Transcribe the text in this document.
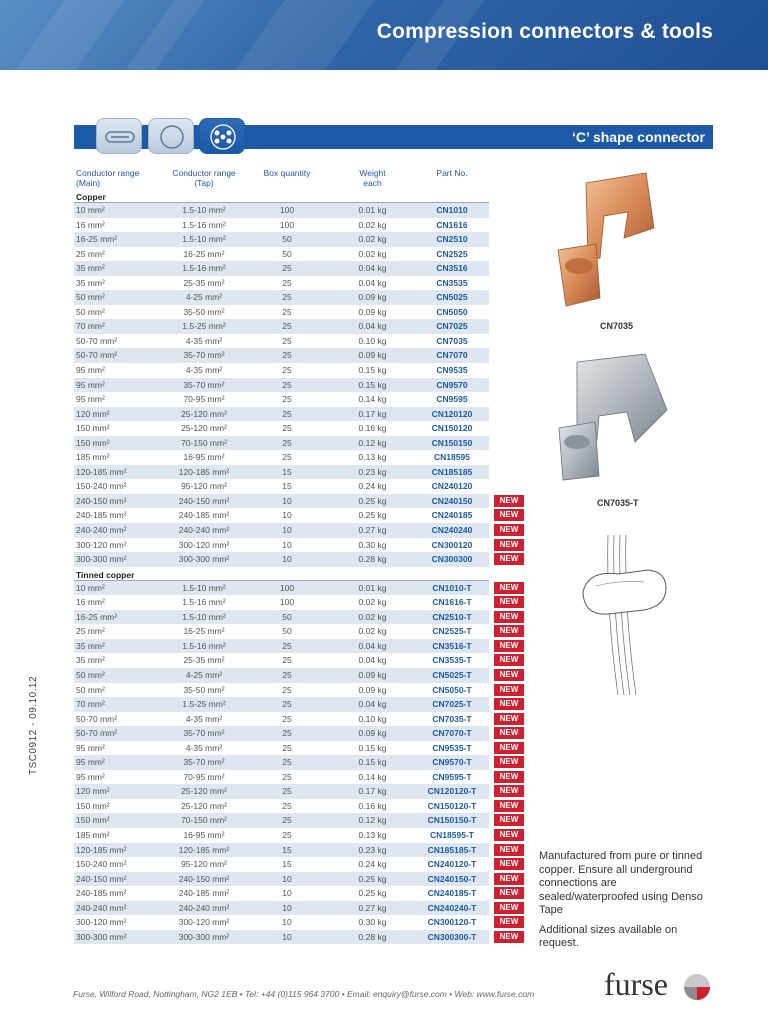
Compression connectors & tools
‘C’ shape connector
Conductor range (Main)
Conductor range (Tap)
Box quantity	Weight each
Part No.
Copper
10 mm²	1.5-10 mm²	100	0.01 kg	CN1010
16 mm²	1.5-16 mm²	100	0.02 kg	CN1616
16-25 mm²	1.5-10 mm²	50	0.02 kg	CN2510
25 mm²	16-25 mm²	50	0.02 kg	CN2525
35 mm²	1.5-16 mm²	25	0.04 kg	CN3516
35 mm²	25-35 mm²	25	0.04 kg	CN3535
50 mm²	4-25 mm²	25	0.09 kg	CN5025
50 mm²	35-50 mm²	25	0.09 kg	CN5050
70 mm²	1.5-25 mm²	25	0.04 kg	CN7025
50-70 mm²	4-35 mm²	25	0.10 kg	CN7035
50-70 mm²	35-70 mm²	25	0.09 kg	CN7070
95 mm²	4-35 mm²	25	0.15 kg	CN9535
95 mm²	35-70 mm²	25	0.15 kg	CN9570
95 mm²	70-95 mm²	25	0.14 kg	CN9595
120 mm²	25-120 mm²	25	0.17 kg	CN120120
150 mm²	25-120 mm²	25	0.16 kg	CN150120
150 mm²	70-150 mm²	25	0.12 kg	CN150150
185 mm²	16-95 mm²	25	0.13 kg	CN18595
120-185 mm²	120-185 mm²	15	0.23 kg	CN185185
150-240 mm²	95-120 mm²	15	0.24 kg	CN240120
240-150 mm²	240-150 mm²	10	0.25 kg	CN240150	NEW
240-185 mm²	240-185 mm²	10	0.25 kg	CN240185	NEW
240-240 mm²	240-240 mm²	10	0.27 kg	CN240240	NEW
300-120 mm²	300-120 mm²	10	0.30 kg	CN300120	NEW
300-300 mm²	300-300 mm²	10	0.28 kg	CN300300	NEW
Tinned copper
10 mm²	1.5-10 mm²	100	0.01 kg	CN1010-T	NEW
16 mm²	1.5-16 mm²	100	0.02 kg	CN1616-T	NEW
16-25 mm²	1.5-10 mm²	50	0.02 kg	CN2510-T	NEW
25 mm²	16-25 mm²	50	0.02 kg	CN2525-T	NEW
35 mm²	1.5-16 mm²	25	0.04 kg	CN3516-T	NEW
35 mm²	25-35 mm²	25	0.04 kg	CN3535-T	NEW
50 mm²	4-25 mm²	25	0.09 kg	CN5025-T	NEW
50 mm²	35-50 mm²	25	0.09 kg	CN5050-T	NEW
70 mm²	1.5-25 mm²	25	0.04 kg	CN7025-T	NEW
50-70 mm²	4-35 mm²	25	0.10 kg	CN7035-T	NEW
50-70 mm²	35-70 mm²	25	0.09 kg	CN7070-T	NEW
95 mm²	4-35 mm²	25	0.15 kg	CN9535-T	NEW
95 mm²	35-70 mm²	25	0.15 kg	CN9570-T	NEW
95 mm²	70-95 mm²	25	0.14 kg	CN9595-T	NEW
120 mm²	25-120 mm²	25	0.17 kg	CN120120-T	NEW
150 mm²	25-120 mm²	25	0.16 kg	CN150120-T	NEW
150 mm²	70-150 mm²	25	0.12 kg	CN150150-T	NEW
185 mm²	16-95 mm²	25	0.13 kg	CN18595-T	NEW
120-185 mm²	120-185 mm²	15	0.23 kg	CN185185-T	NEW
150-240 mm²	95-120 mm²	15	0.24 kg	CN240120-T	NEW
240-150 mm²	240-150 mm²	10	0.25 kg	CN240150-T	NEW
240-185 mm²	240-185 mm²	10	0.25 kg	CN240185-T	NEW
240-240 mm²	240-240 mm²	10	0.27 kg	CN240240-T	NEW
300-120 mm²	300-120 mm²	10	0.30 kg	CN300120-T	NEW
300-300 mm²	300-300 mm²	10	0.28 kg	CN300300-T	NEW
CN7035
CN7035-T

Manufactured from pure or tinned copper. Ensure all underground connections are sealed/waterproofed using Denso Tape

Additional sizes available on request.

TSC0912 - 09.10.12
Furse, Wilford Road, Nottingham, NG2 1EB • Tel: +44 (0)115 964 3700 • Email: enquiry@furse.com • Web: www.furse.com furse
